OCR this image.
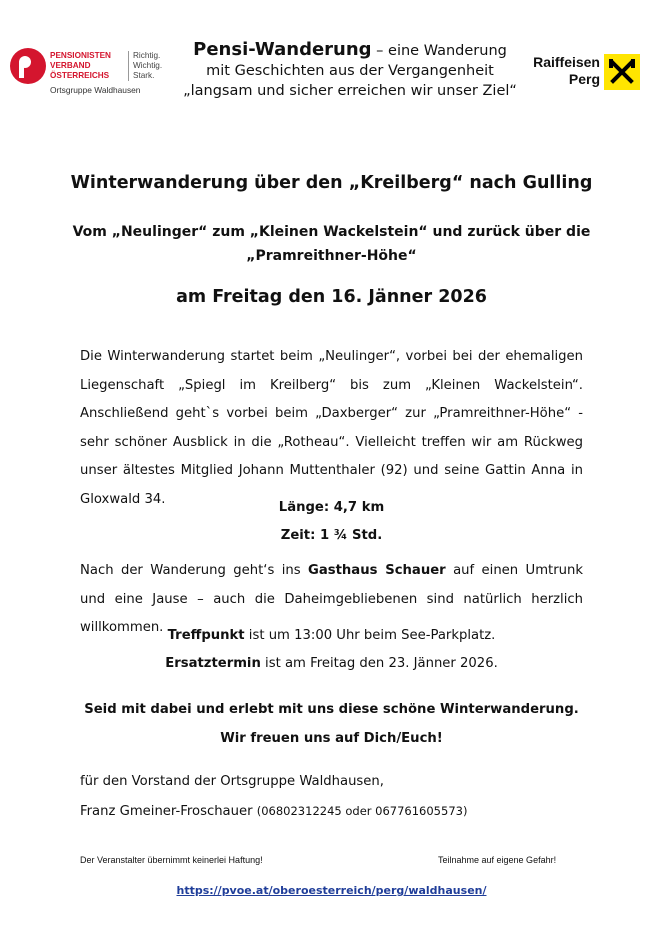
PENSIONISTEN
VERBAND
ÖSTERREICHS
Richtig.
Wichtig.
Stark.
Ortsgruppe Waldhausen
Pensi-Wanderung – eine Wanderung
mit Geschichten aus der Vergangenheit
„langsam und sicher erreichen wir unser Ziel“
Raiffeisen
Perg
Winterwanderung über den „Kreilberg“ nach Gulling
Vom „Neulinger“ zum „Kleinen Wackelstein“ und zurück über die
„Pramreithner-Höhe“
am Freitag den 16. Jänner 2026
Die Winterwanderung startet beim „Neulinger“, vorbei bei der ehemaligen Liegenschaft „Spiegl im Kreilberg“ bis zum „Kleinen Wackelstein“. Anschließend geht`s vorbei beim „Daxberger“ zur „Pramreithner-Höhe“ - sehr schöner Ausblick in die „Rotheau“. Vielleicht treffen wir am Rückweg unser ältestes Mitglied Johann Muttenthaler (92) und seine Gattin Anna in Gloxwald 34.
Länge: 4,7 km
Zeit: 1 ¾ Std.
Nach der Wanderung geht‘s ins Gasthaus Schauer auf einen Umtrunk und eine Jause – auch die Daheimgebliebenen sind natürlich herzlich willkommen.
Treffpunkt ist um 13:00 Uhr beim See-Parkplatz.
Ersatztermin ist am Freitag den 23. Jänner 2026.
Seid mit dabei und erlebt mit uns diese schöne Winterwanderung.
Wir freuen uns auf Dich/Euch!
für den Vorstand der Ortsgruppe Waldhausen,
Franz Gmeiner-Froschauer (06802312245 oder 067761605573)
Der Veranstalter übernimmt keinerlei Haftung!	Teilnahme auf eigene Gefahr!
https://pvoe.at/oberoesterreich/perg/waldhausen/
